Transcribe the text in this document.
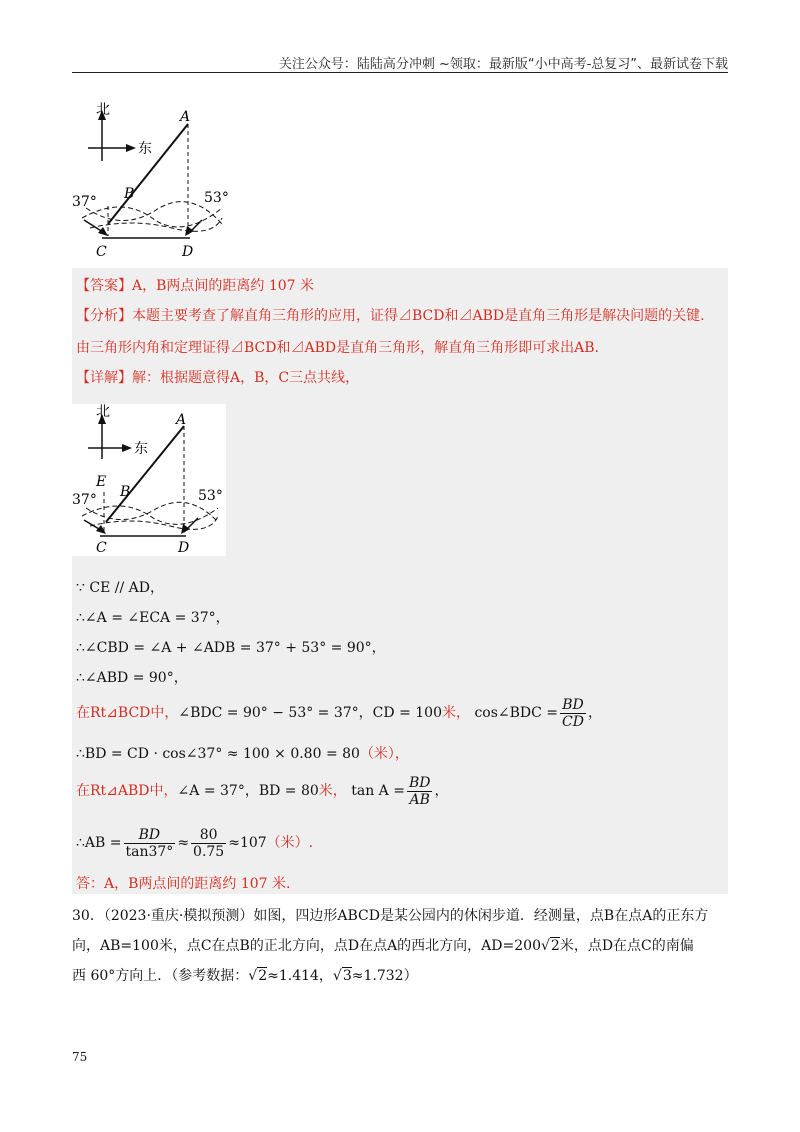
关注公众号：陆陆高分冲刺 ~领取：最新版“小中高考-总复习”、最新试卷下载
北
东
A
B
C	D
37°	53°
【答案】A，B两点间的距离约 107 米
【分析】本题主要考查了解直角三角形的应用，证得⊿BCD和⊿ABD是直角三角形是解决问题的关键.
由三角形内角和定理证得⊿BCD和⊿ABD是直角三角形，解直角三角形即可求出AB.
【详解】解：根据题意得A，B，C三点共线，
北
东
A
B
E
C	D
37°	53°
∵ CE // AD，
∴∠A = ∠ECA = 37°，
∴∠CBD = ∠A + ∠ADB = 37° + 53° = 90°，
∴∠ABD = 90°，
在Rt⊿BCD中，∠BDC = 90° − 53° = 37°，CD = 100米， cos∠BDC = $\frac{BD}{CD}$ ，
∴BD = CD · cos∠37° ≈ 100 × 0.80 = 80（米），
在Rt⊿ABD中，∠A = 37°，BD = 80米， $\tan A = \frac{BD}{AB}$ ，
∴AB = $\frac{BD}{\tan 37^\circ} \approx \frac{80}{0.75} \approx 107$（米）.
答：A，B两点间的距离约 107 米.
30．（2023·重庆·模拟预测）如图，四边形ABCD是某公园内的休闲步道．经测量，点B在点A的正东方
向，AB=100米，点C在点B的正北方向，点D在点A的西北方向，AD=200√2米，点D在点C的南偏
西 60°方向上．（参考数据：√2≈1.414，√3≈1.732）
75
